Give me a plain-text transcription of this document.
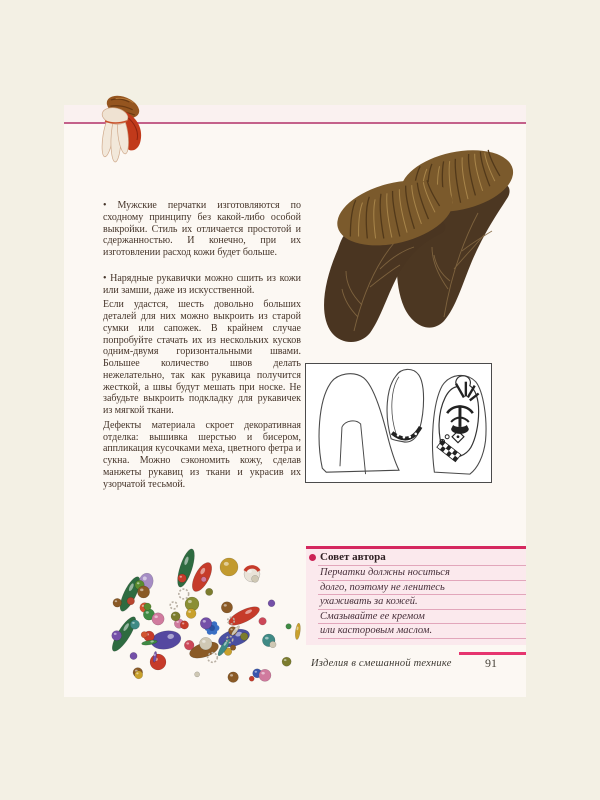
• Мужские перчатки изготовляются по сходному принципу без какой-либо особой выкройки. Стиль их отличается простотой и сдержанностью. И конечно, при их изготовлении расход кожи будет больше.

• Нарядные рукавички можно сшить из кожи или замши, даже из искусственной.

Если удастся, шесть довольно больших деталей для них можно выкроить из старой сумки или сапожек. В крайнем случае попробуйте стачать их из нескольких кусков одним-двумя горизонтальными швами. Большее количество швов делать нежелательно, так как рукавица получится жесткой, а швы будут мешать при носке. Не забудьте выкроить подкладку для рукавичек из мягкой ткани.

Дефекты материала скроет декоративная отделка: вышивка шерстью и бисером, аппликация кусочками меха, цветного фетра и сукна. Можно сэкономить кожу, сделав манжеты рукавиц из ткани и украсив их узорчатой тесьмой.

Совет автора
Перчатки должны носиться
долго, поэтому не ленитесь
ухаживать за кожей.
Смазывайте ее кремом
или касторовым маслом.
Изделия в смешанной технике	91
